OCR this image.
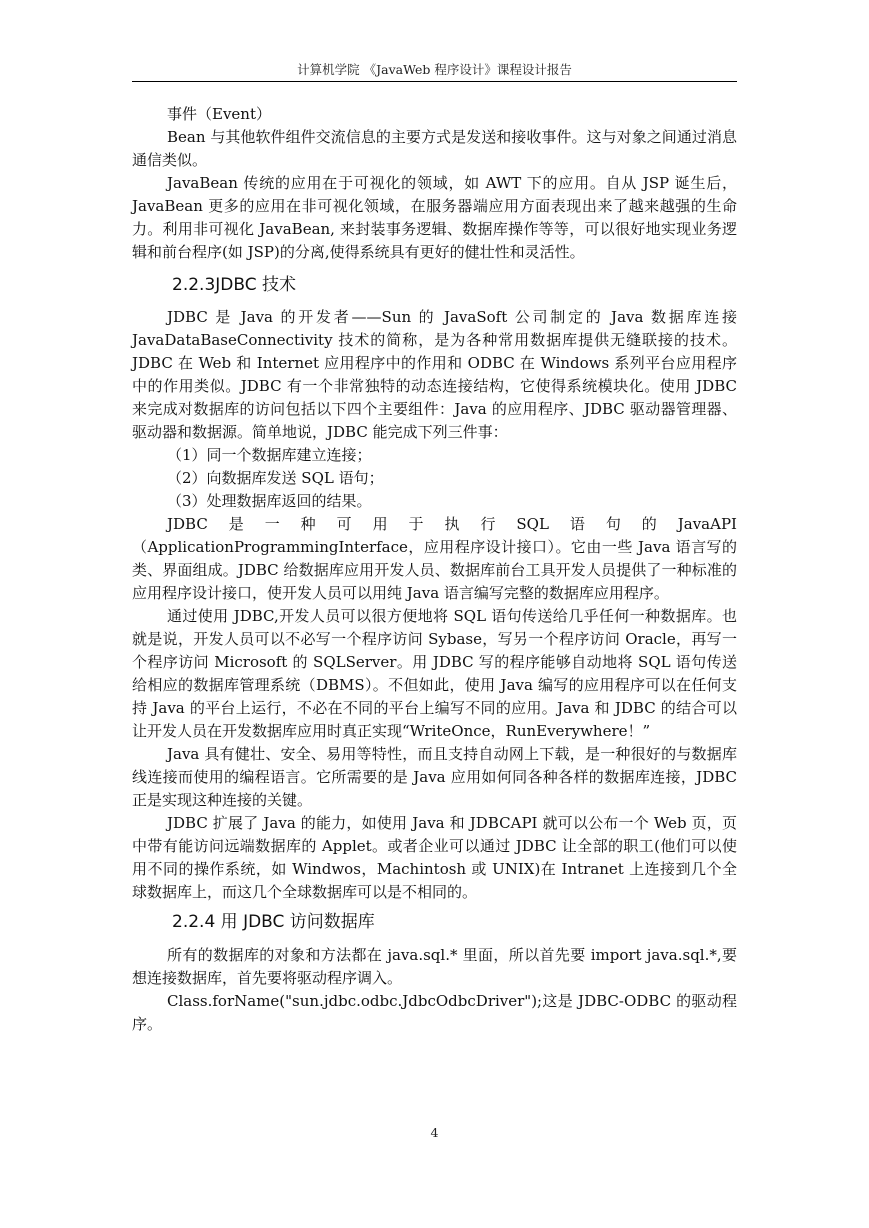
计算机学院 《JavaWeb 程序设计》课程设计报告

事件（Event）

Bean 与其他软件组件交流信息的主要方式是发送和接收事件。这与对象之间通过消息通信类似。

JavaBean 传统的应用在于可视化的领域，如 AWT 下的应用。自从 JSP 诞生后，JavaBean 更多的应用在非可视化领域，在服务器端应用方面表现出来了越来越强的生命力。利用非可视化 JavaBean, 来封装事务逻辑、数据库操作等等，可以很好地实现业务逻辑和前台程序(如 JSP)的分离,使得系统具有更好的健壮性和灵活性。

2.2.3JDBC 技术

JDBC 是 Java 的开发者——Sun 的 JavaSoft 公司制定的 Java 数据库连接 JavaDataBaseConnectivity 技术的简称，是为各种常用数据库提供无缝联接的技术。JDBC 在 Web 和 Internet 应用程序中的作用和 ODBC 在 Windows 系列平台应用程序中的作用类似。JDBC 有一个非常独特的动态连接结构，它使得系统模块化。使用 JDBC 来完成对数据库的访问包括以下四个主要组件：Java 的应用程序、JDBC 驱动器管理器、驱动器和数据源。简单地说，JDBC 能完成下列三件事：

（1）同一个数据库建立连接；

（2）向数据库发送 SQL 语句；

（3）处理数据库返回的结果。

JDBC 是 一 种 可 用 于 执 行 SQL 语 句 的 JavaAPI

（ApplicationProgrammingInterface，应用程序设计接口）。它由一些 Java 语言写的类、界面组成。JDBC 给数据库应用开发人员、数据库前台工具开发人员提供了一种标准的应用程序设计接口，使开发人员可以用纯 Java 语言编写完整的数据库应用程序。

通过使用 JDBC,开发人员可以很方便地将 SQL 语句传送给几乎任何一种数据库。也就是说，开发人员可以不必写一个程序访问 Sybase，写另一个程序访问 Oracle，再写一个程序访问 Microsoft 的 SQLServer。用 JDBC 写的程序能够自动地将 SQL 语句传送给相应的数据库管理系统（DBMS）。不但如此，使用 Java 编写的应用程序可以在任何支持 Java 的平台上运行，不必在不同的平台上编写不同的应用。Java 和 JDBC 的结合可以让开发人员在开发数据库应用时真正实现“WriteOnce，RunEverywhere！”

Java 具有健壮、安全、易用等特性，而且支持自动网上下载，是一种很好的与数据库线连接而使用的编程语言。它所需要的是 Java 应用如何同各种各样的数据库连接，JDBC 正是实现这种连接的关键。

JDBC 扩展了 Java 的能力，如使用 Java 和 JDBCAPI 就可以公布一个 Web 页，页中带有能访问远端数据库的 Applet。或者企业可以通过 JDBC 让全部的职工(他们可以使用不同的操作系统，如 Windwos，Machintosh 或 UNIX)在 Intranet 上连接到几个全球数据库上，而这几个全球数据库可以是不相同的。

2.2.4 用 JDBC 访问数据库

所有的数据库的对象和方法都在 java.sql.* 里面，所以首先要 import java.sql.*,要想连接数据库，首先要将驱动程序调入。

Class.forName("sun.jdbc.odbc.JdbcOdbcDriver");这是 JDBC-ODBC 的驱动程序。

4
